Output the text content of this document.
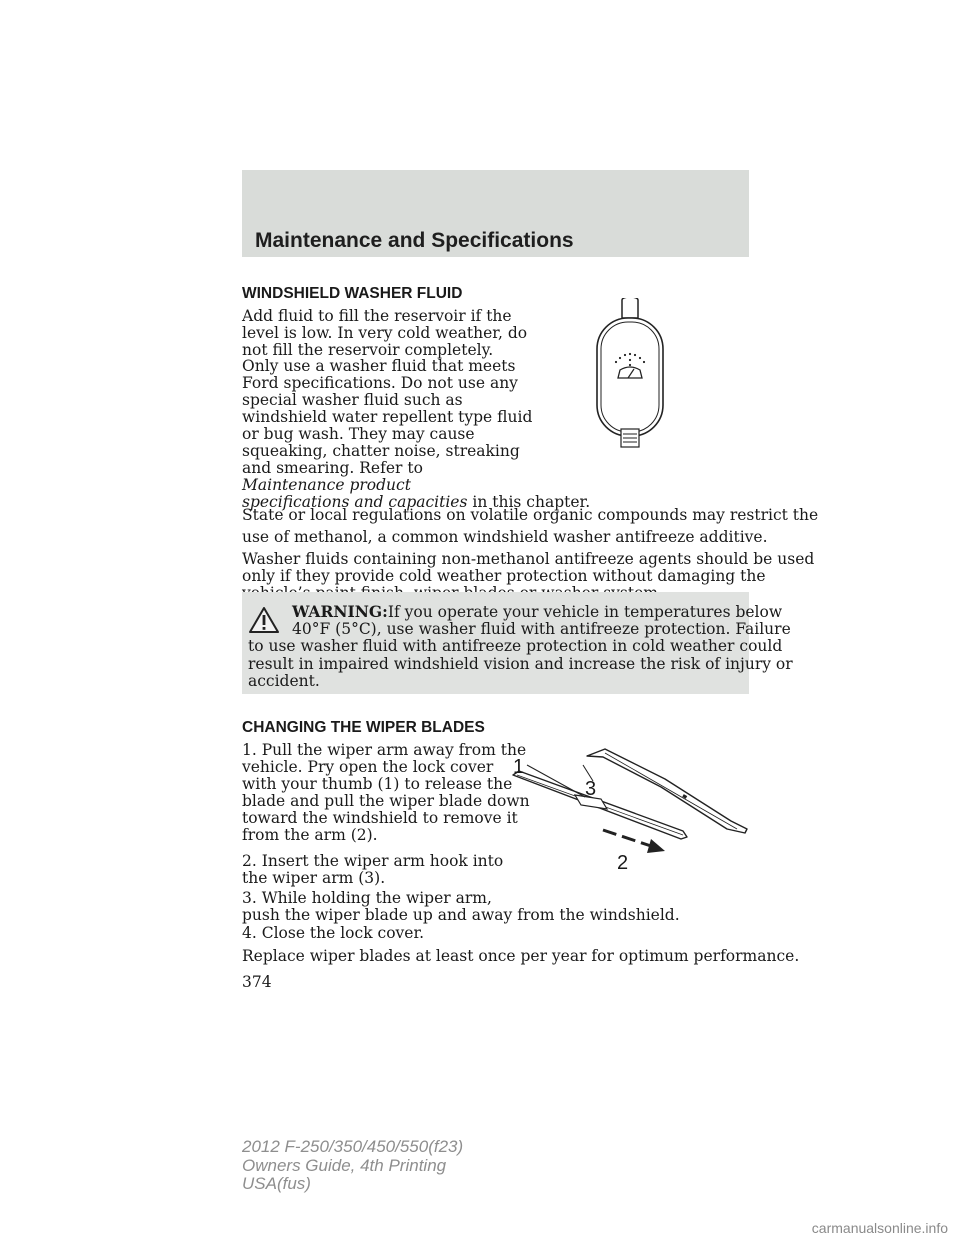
Maintenance and Specifications
WINDSHIELD WASHER FLUID

Add fluid to fill the reservoir if the
level is low. In very cold weather, do
not fill the reservoir completely.

Only use a washer fluid that meets
Ford specifications. Do not use any
special washer fluid such as
windshield water repellent type fluid
or bug wash. They may cause
squeaking, chatter noise, streaking
and smearing. Refer to
Maintenance product
specifications and capacities in this chapter.

State or local regulations on volatile organic compounds may restrict the
use of methanol, a common windshield washer antifreeze additive.

Washer fluids containing non-methanol antifreeze agents should be used
only if they provide cold weather protection without damaging the

WARNING:If you operate your vehicle in temperatures below
40°F (5°C), use washer fluid with antifreeze protection. Failure
to use washer fluid with antifreeze protection in cold weather could
result in impaired windshield vision and increase the risk of injury or
accident.

CHANGING THE WIPER BLADES

1. Pull the wiper arm away from the
vehicle. Pry open the lock cover
with your thumb (1) to release the
blade and pull the wiper blade down
toward the windshield to remove it
from the arm (2).

2. Insert the wiper arm hook into
the wiper arm (3).

3. While holding the wiper arm,
push the wiper blade up and away from the windshield.

4. Close the lock cover.

Replace wiper blades at least once per year for optimum performance.

1
3
2
374
2012 F-250/350/450/550(f23)
Owners Guide, 4th Printing
USA(fus)
carmanualsonline.info
